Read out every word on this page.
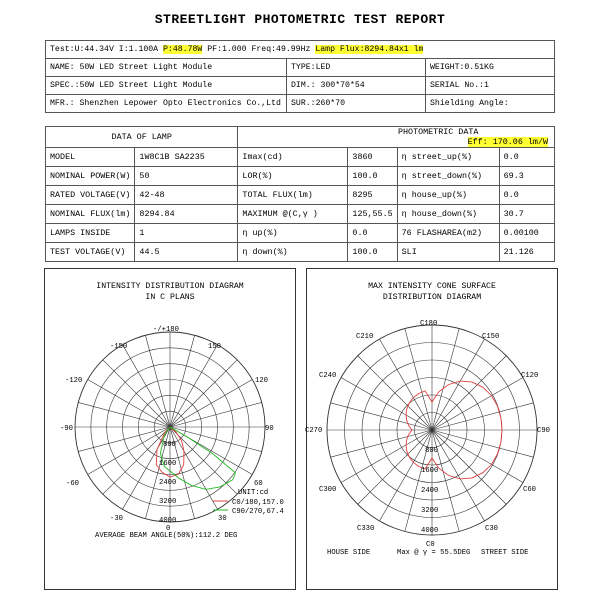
STREETLIGHT PHOTOMETRIC TEST REPORT
Test:U:44.34V I:1.100A P:48.78W PF:1.000 Freq:49.99Hz Lamp Flux:8294.84x1 lm		
NAME: 50W LED Street Light Module	TYPE:LED	WEIGHT:0.51KG
SPEC.:50W LED Street Light Module	DIM.: 300*70*54	SERIAL No.:1
MFR.: Shenzhen Lepower Opto Electronics Co.,Ltd	SUR.:260*70	Shielding Angle:
DATA OF LAMP		PHOTOMETRIC DATA
Eff: 170.06 lm/W			

MODEL	1W8C1B SA2235	Imax(cd)	3860	η street_up(%)	0.0
NOMINAL POWER(W)	50	LOR(%)	100.0	η street_down(%)	69.3
RATED VOLTAGE(V)	42-48	TOTAL FLUX(lm)	8295	η house_up(%)	0.0
NOMINAL FLUX(lm)	8294.84	MAXIMUM @(C,γ )	125,55.5	η house_down(%)	30.7
LAMPS INSIDE	1	η up(%)	0.0	76 FLASHAREA(m2)	0.00100
TEST VOLTAGE(V)	44.5	η down(%)	100.0	SLI	21.126
INTENSITY DISTRIBUTION DIAGRAM
IN C PLANS
-/+180
-150	150
-120	120
-90	90
-60	60
-30	30
0
800
1600
2400
3200
4000
UNIT:cd
C0/180,157.0
C90/270,67.4
AVERAGE BEAM ANGLE(50%):112.2 DEG
MAX INTENSITY CONE SURFACE
DISTRIBUTION DIAGRAM
C180
C210	C150
C240	C120
C270	C90
C300	C60
C330	C30
C0
800
1600
2400
3200
4000
HOUSE SIDE	Max @ γ = 55.5DEG STREET SIDE
